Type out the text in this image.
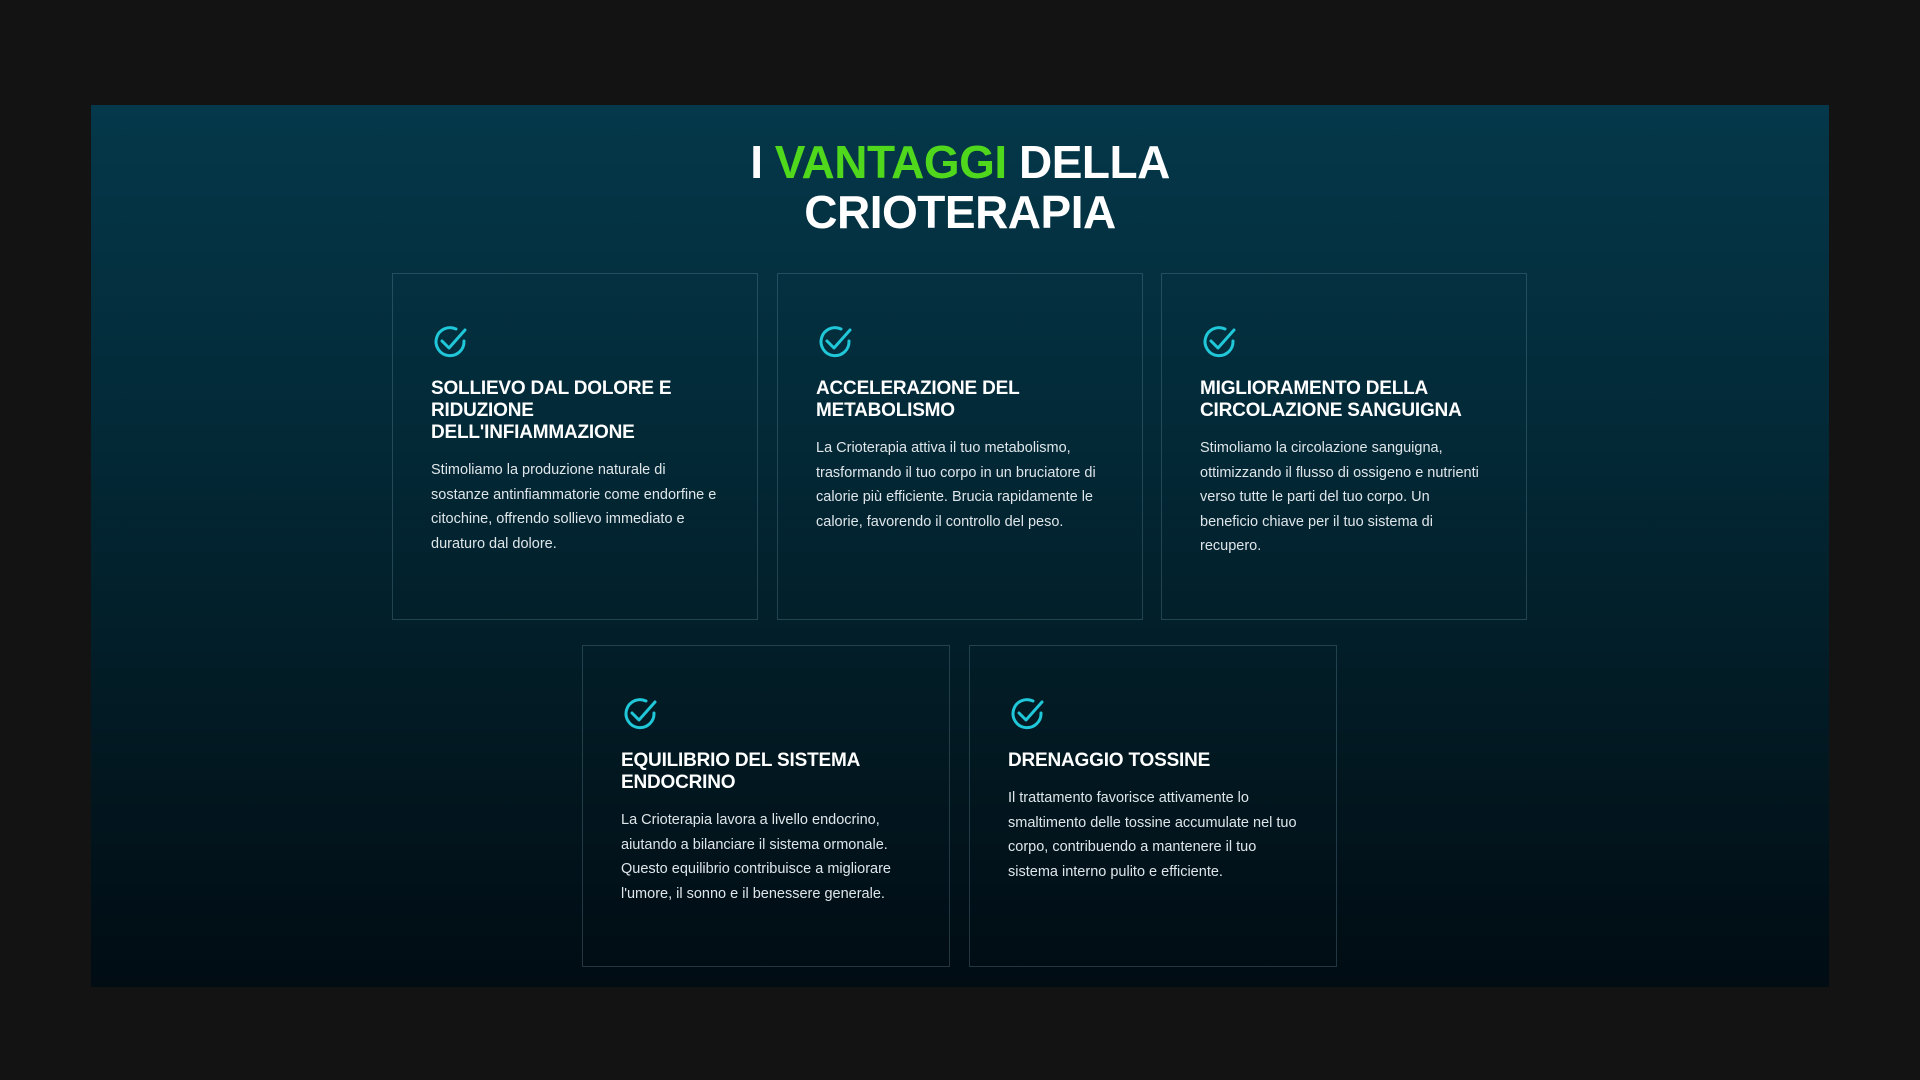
I VANTAGGI DELLA
CRIOTERAPIA
SOLLIEVO DAL DOLORE E RIDUZIONE DELL'INFIAMMAZIONE

Stimoliamo la produzione naturale di sostanze antinfiammatorie come endorfine e citochine, offrendo sollievo immediato e duraturo dal dolore.

ACCELERAZIONE DEL METABOLISMO

La Crioterapia attiva il tuo metabolismo, trasformando il tuo corpo in un bruciatore di calorie più efficiente. Brucia rapidamente le calorie, favorendo il controllo del peso.

MIGLIORAMENTO DELLA CIRCOLAZIONE SANGUIGNA

Stimoliamo la circolazione sanguigna, ottimizzando il flusso di ossigeno e nutrienti verso tutte le parti del tuo corpo. Un beneficio chiave per il tuo sistema di recupero.

EQUILIBRIO DEL SISTEMA ENDOCRINO

La Crioterapia lavora a livello endocrino, aiutando a bilanciare il sistema ormonale. Questo equilibrio contribuisce a migliorare l'umore, il sonno e il benessere generale.

DRENAGGIO TOSSINE

Il trattamento favorisce attivamente lo smaltimento delle tossine accumulate nel tuo corpo, contribuendo a mantenere il tuo sistema interno pulito e efficiente.
